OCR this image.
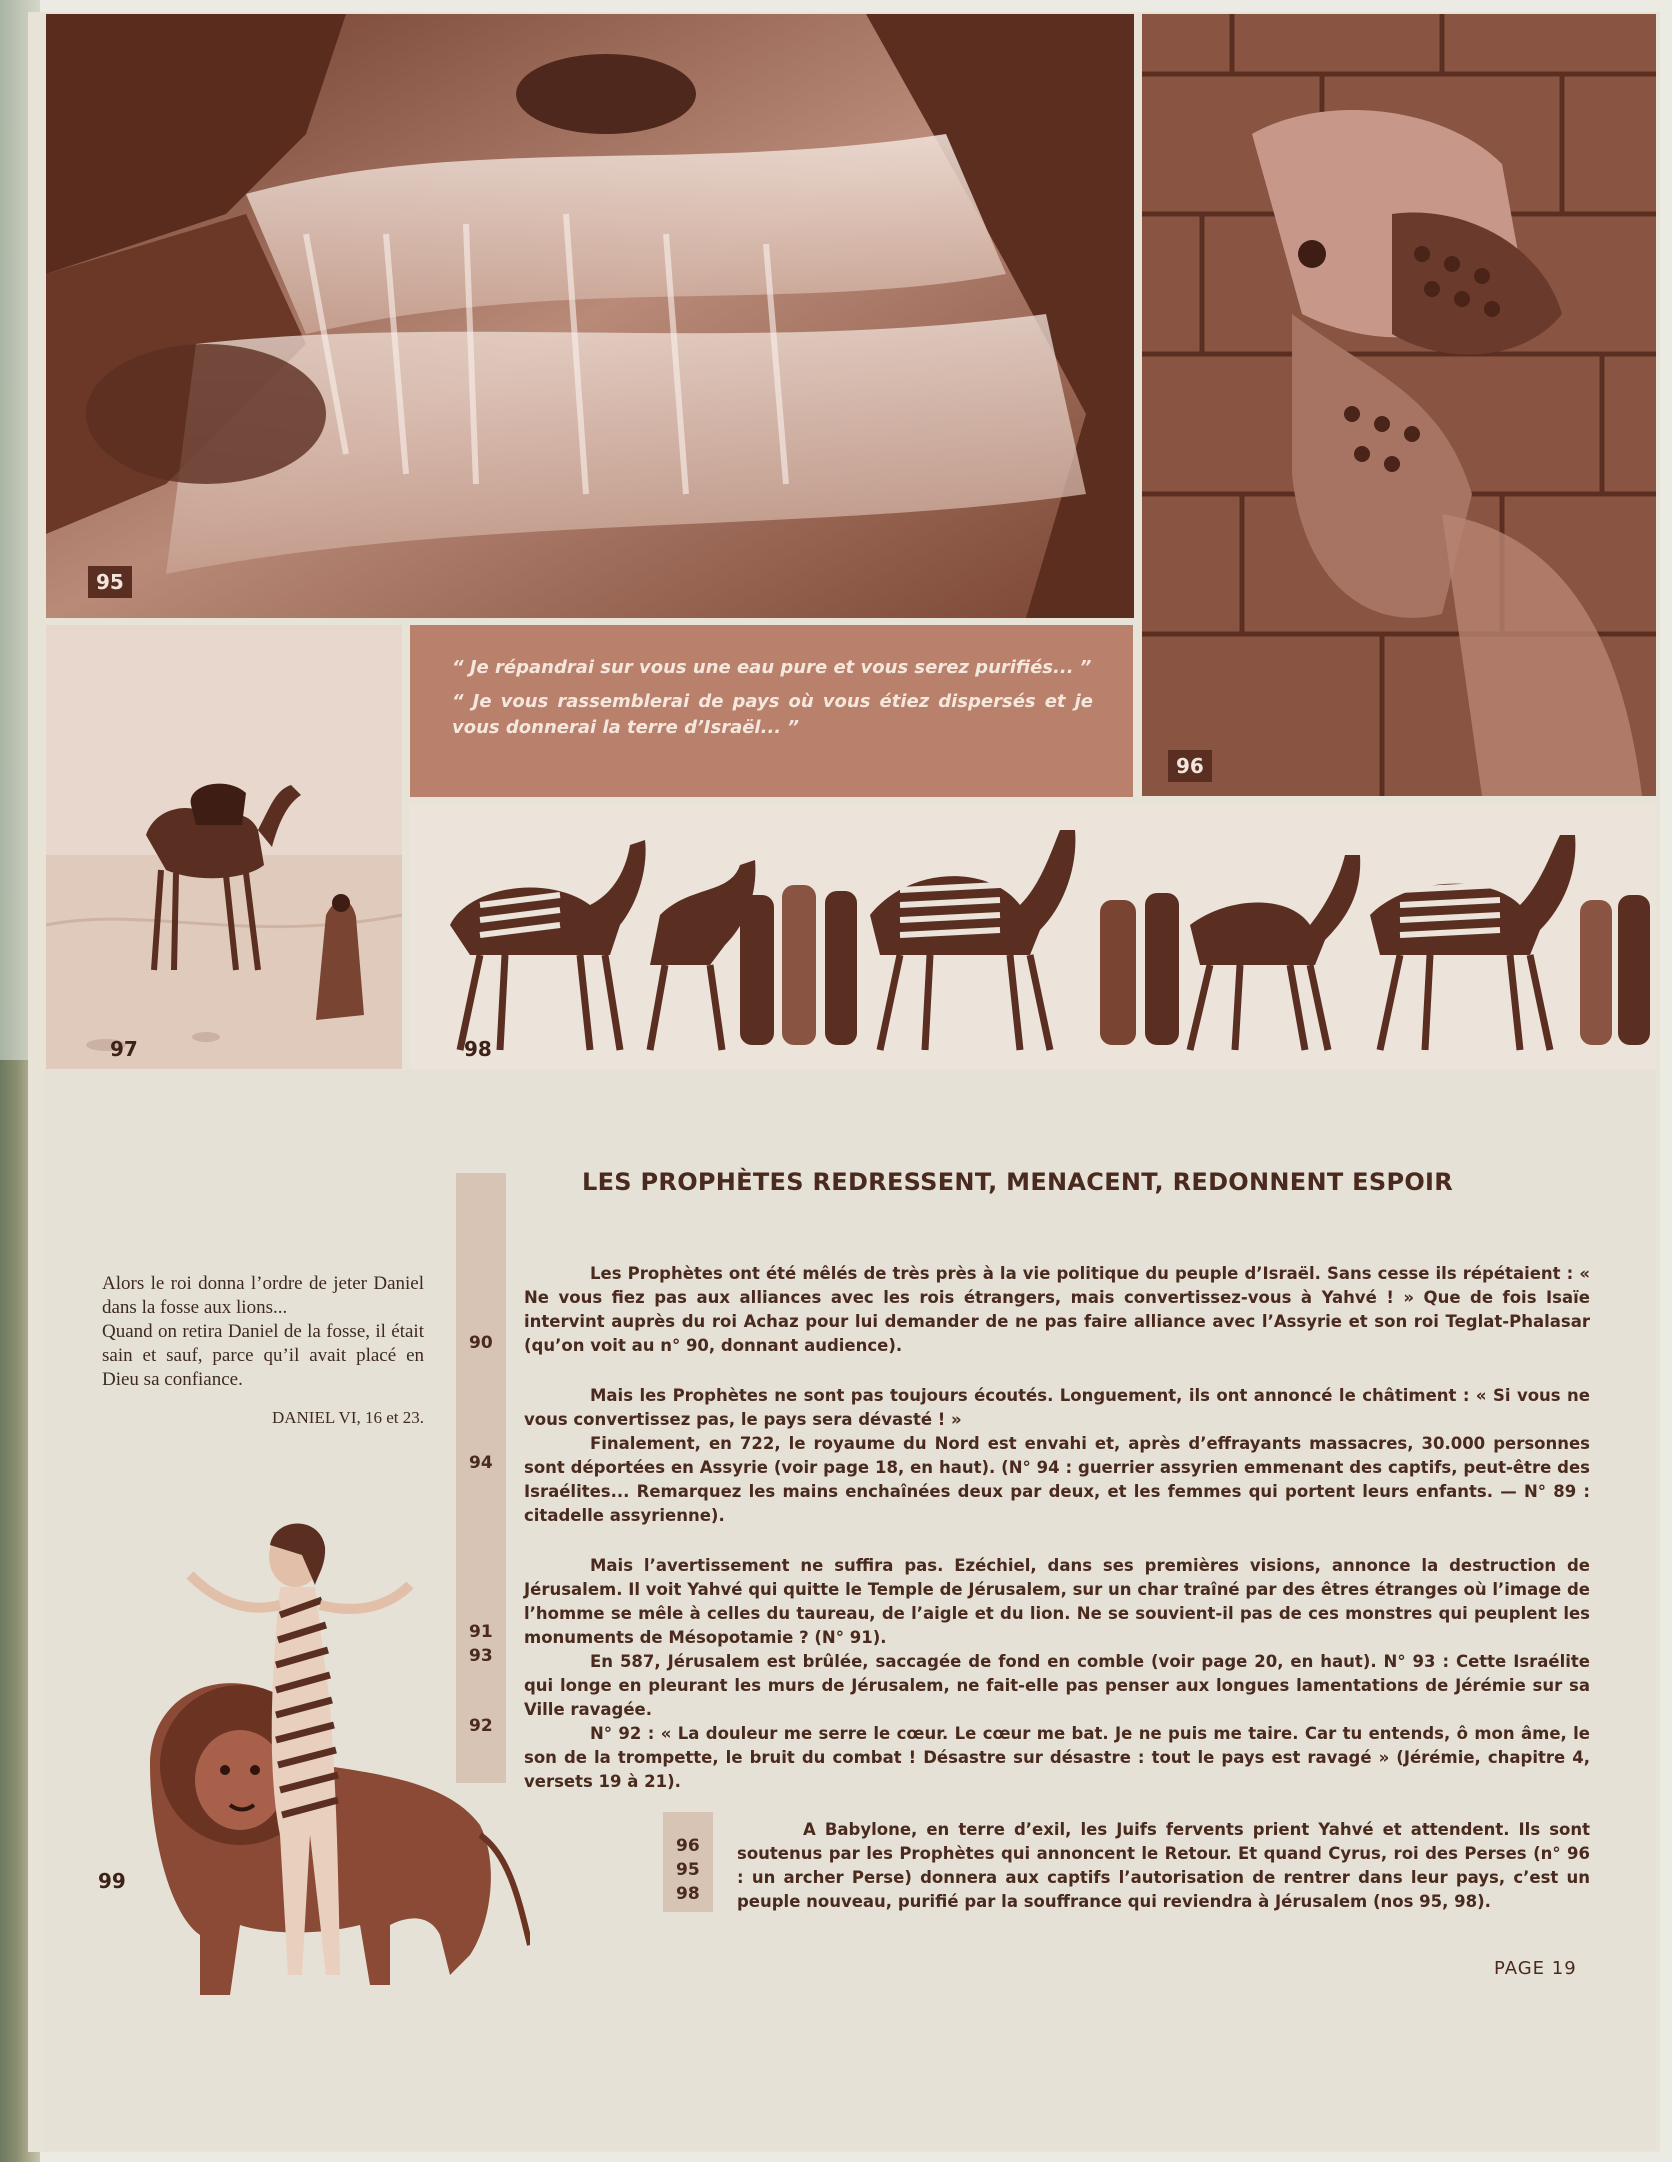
95
96
97

“ Je répandrai sur vous une eau pure et vous serez purifiés... ”

“ Je vous rassemblerai de pays où vous étiez dispersés et je vous donnerai la terre d’Israël... ”

98

Alors le roi donna l’ordre de jeter Daniel dans la fosse aux lions...

Quand on retira Daniel de la fosse, il était sain et sauf, parce qu’il avait placé en Dieu sa confiance.

DANIEL VI, 16 et 23.

99
LES PROPHÈTES REDRESSENT, MENACENT, REDONNENT ESPOIR
90
94
91
93
92
96
95
98

Les Prophètes ont été mêlés de très près à la vie politique du peuple d’Israël. Sans cesse ils répétaient : « Ne vous fiez pas aux alliances avec les rois étrangers, mais convertissez-vous à Yahvé ! » Que de fois Isaïe intervint auprès du roi Achaz pour lui demander de ne pas faire alliance avec l’Assyrie et son roi Teglat-Phalasar (qu’on voit au n° 90, donnant audience).

Mais les Prophètes ne sont pas toujours écoutés. Longuement, ils ont annoncé le châtiment : « Si vous ne vous convertissez pas, le pays sera dévasté ! »

Finalement, en 722, le royaume du Nord est envahi et, après d’effrayants massacres, 30.000 personnes sont déportées en Assyrie (voir page 18, en haut). (N° 94 : guerrier assyrien emmenant des captifs, peut-être des Israélites... Remarquez les mains enchaînées deux par deux, et les femmes qui portent leurs enfants. — N° 89 : citadelle assyrienne).

Mais l’avertissement ne suffira pas. Ezéchiel, dans ses premières visions, annonce la destruction de Jérusalem. Il voit Yahvé qui quitte le Temple de Jérusalem, sur un char traîné par des êtres étranges où l’image de l’homme se mêle à celles du taureau, de l’aigle et du lion. Ne se souvient-il pas de ces monstres qui peuplent les monuments de Mésopotamie ? (N° 91).

En 587, Jérusalem est brûlée, saccagée de fond en comble (voir page 20, en haut). N° 93 : Cette Israélite qui longe en pleurant les murs de Jérusalem, ne fait-elle pas penser aux longues lamentations de Jérémie sur sa Ville ravagée.

N° 92 : « La douleur me serre le cœur. Le cœur me bat. Je ne puis me taire. Car tu entends, ô mon âme, le son de la trompette, le bruit du combat ! Désastre sur désastre : tout le pays est ravagé » (Jérémie, chapitre 4, versets 19 à 21).

A Babylone, en terre d’exil, les Juifs fervents prient Yahvé et attendent. Ils sont soutenus par les Prophètes qui annoncent le Retour. Et quand Cyrus, roi des Perses (n° 96 : un archer Perse) donnera aux captifs l’autorisation de rentrer dans leur pays, c’est un peuple nouveau, purifié par la souffrance qui reviendra à Jérusalem (nos 95, 98).

PAGE 19
